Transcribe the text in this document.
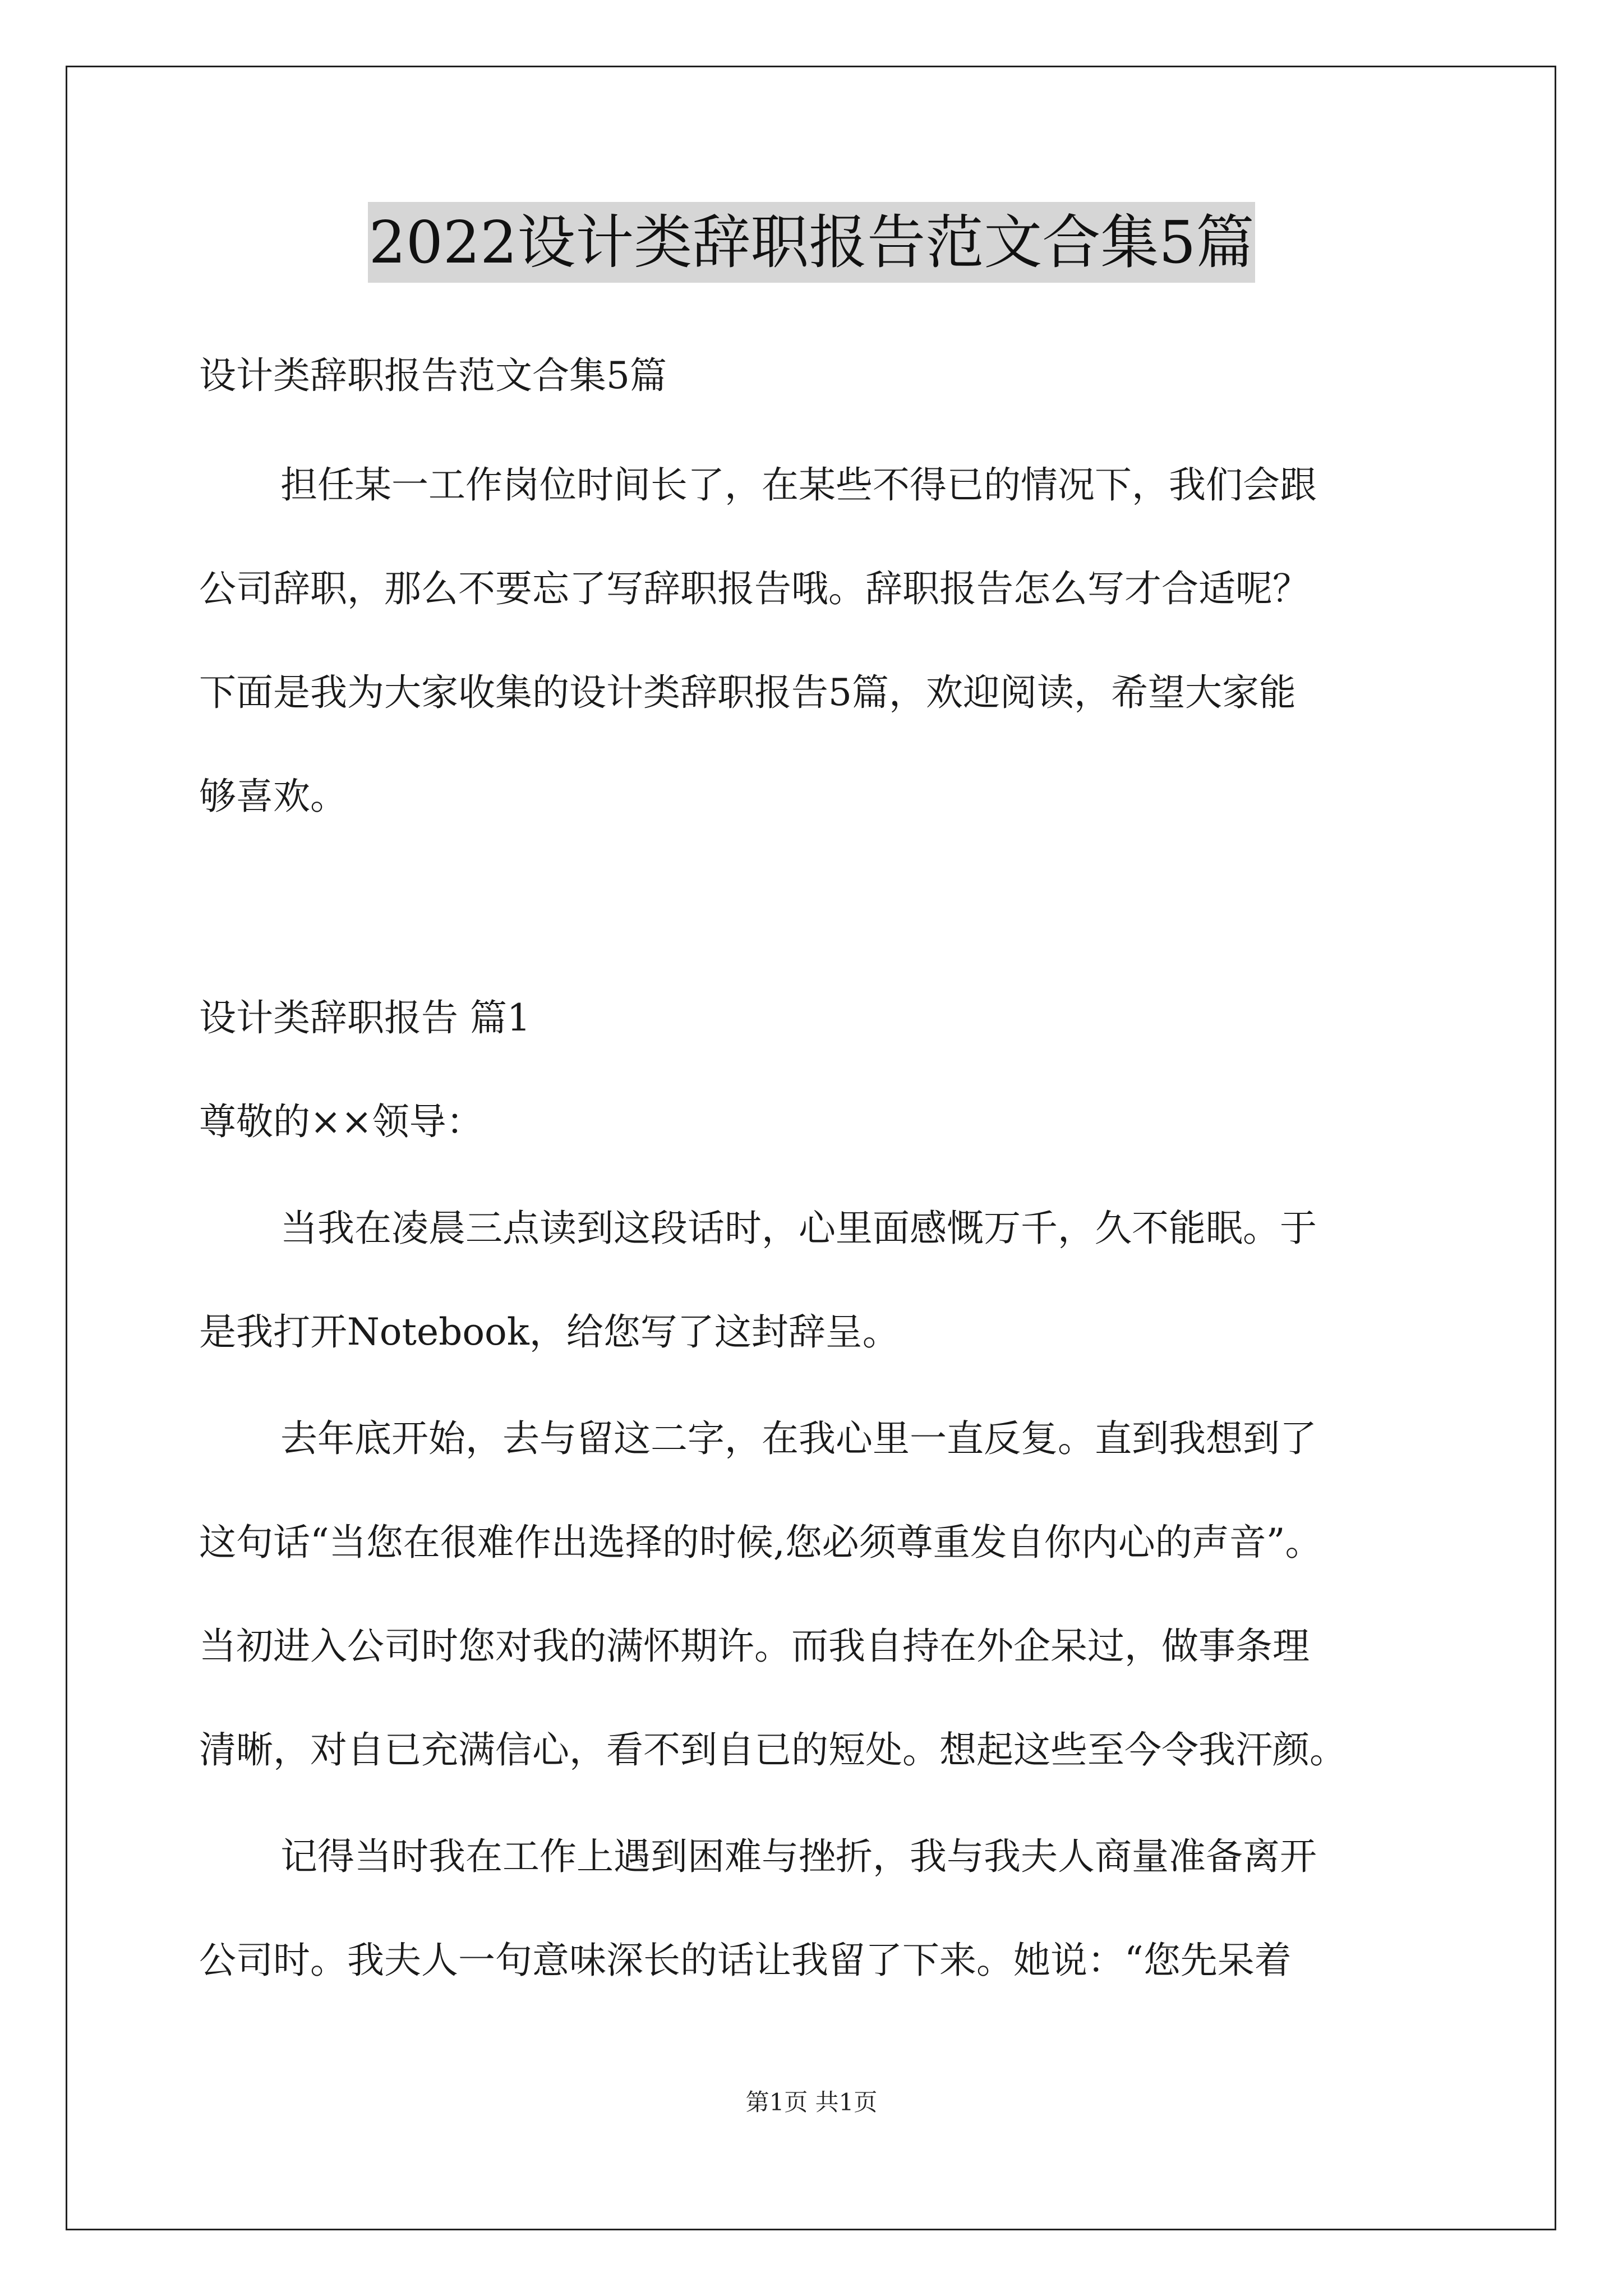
2022设计类辞职报告范文合集5篇
设计类辞职报告范文合集5篇
担任某一工作岗位时间长了，在某些不得已的情况下，我们会跟
公司辞职，那么不要忘了写辞职报告哦。辞职报告怎么写才合适呢？
下面是我为大家收集的设计类辞职报告5篇，欢迎阅读，希望大家能
够喜欢。
设计类辞职报告 篇1
尊敬的××领导：
当我在凌晨三点读到这段话时，心里面感慨万千，久不能眠。于
是我打开Notebook，给您写了这封辞呈。
去年底开始，去与留这二字，在我心里一直反复。直到我想到了
这句话“当您在很难作出选择的时候,您必须尊重发自你内心的声音”。
当初进入公司时您对我的满怀期许。而我自持在外企呆过，做事条理
清晰，对自已充满信心，看不到自已的短处。想起这些至今令我汗颜。
记得当时我在工作上遇到困难与挫折，我与我夫人商量准备离开
公司时。我夫人一句意味深长的话让我留了下来。她说：“您先呆着
第1页 共1页
